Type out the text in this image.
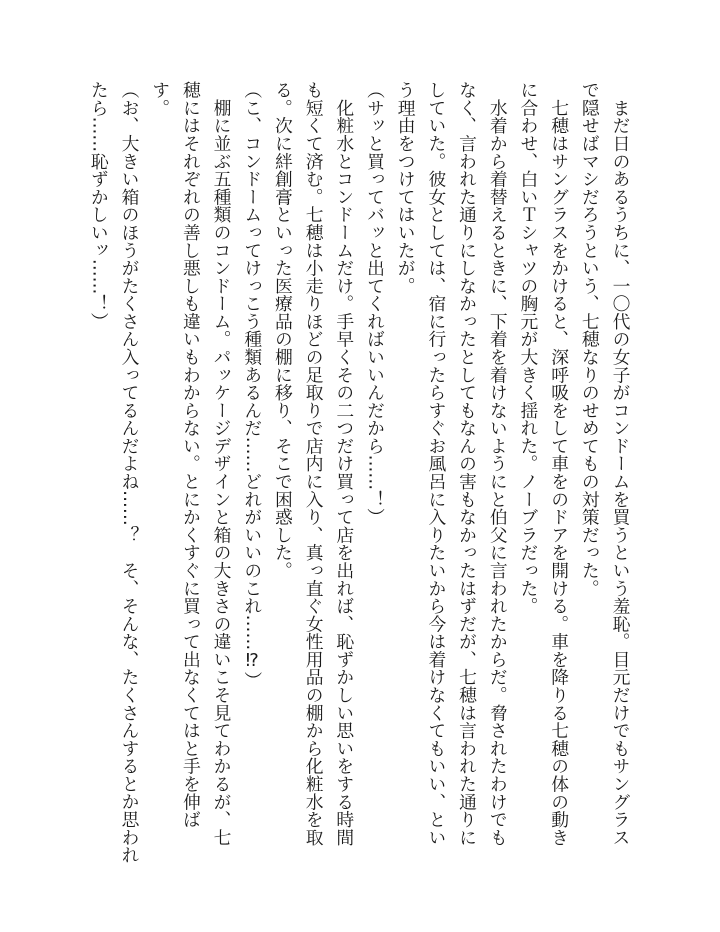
　まだ日のあるうちに、一〇代の女子がコンドームを買うという羞恥。目元だけでもサングラス
で隠せばマシだろうという、七穂なりのせめてもの対策だった。
　七穂はサングラスをかけると、深呼吸をして車をのドアを開ける。車を降りる七穂の体の動き
に合わせ、白いＴシャツの胸元が大きく揺れた。ノーブラだった。
　水着から着替えるときに、下着を着けないようにと伯父に言われたからだ。脅されたわけでも
なく、言われた通りにしなかったとしてもなんの害もなかったはずだが、七穂は言われた通りに
していた。彼女としては、宿に行ったらすぐお風呂に入りたいから今は着けなくてもいい、とい
う理由をつけてはいたが。
（サッと買ってバッと出てくればいいんだから……！）
　化粧水とコンドームだけ。手早くその二つだけ買って店を出れば、恥ずかしい思いをする時間
も短くて済む。七穂は小走りほどの足取りで店内に入り、真っ直ぐ女性用品の棚から化粧水を取
る。次に絆創膏といった医療品の棚に移り、そこで困惑した。
（こ、コンドームってけっこう種類あるんだ……どれがいいのこれ……⁉）
　棚に並ぶ五種類のコンドーム。パッケージデザインと箱の大きさの違いこそ見てわかるが、七
穂にはそれぞれの善し悪しも違いもわからない。とにかくすぐに買って出なくてはと手を伸ば
す。
（お、大きい箱のほうがたくさん入ってるんだよね……？　そ、そんな、たくさんするとか思われ
たら……恥ずかしいッ……！）
